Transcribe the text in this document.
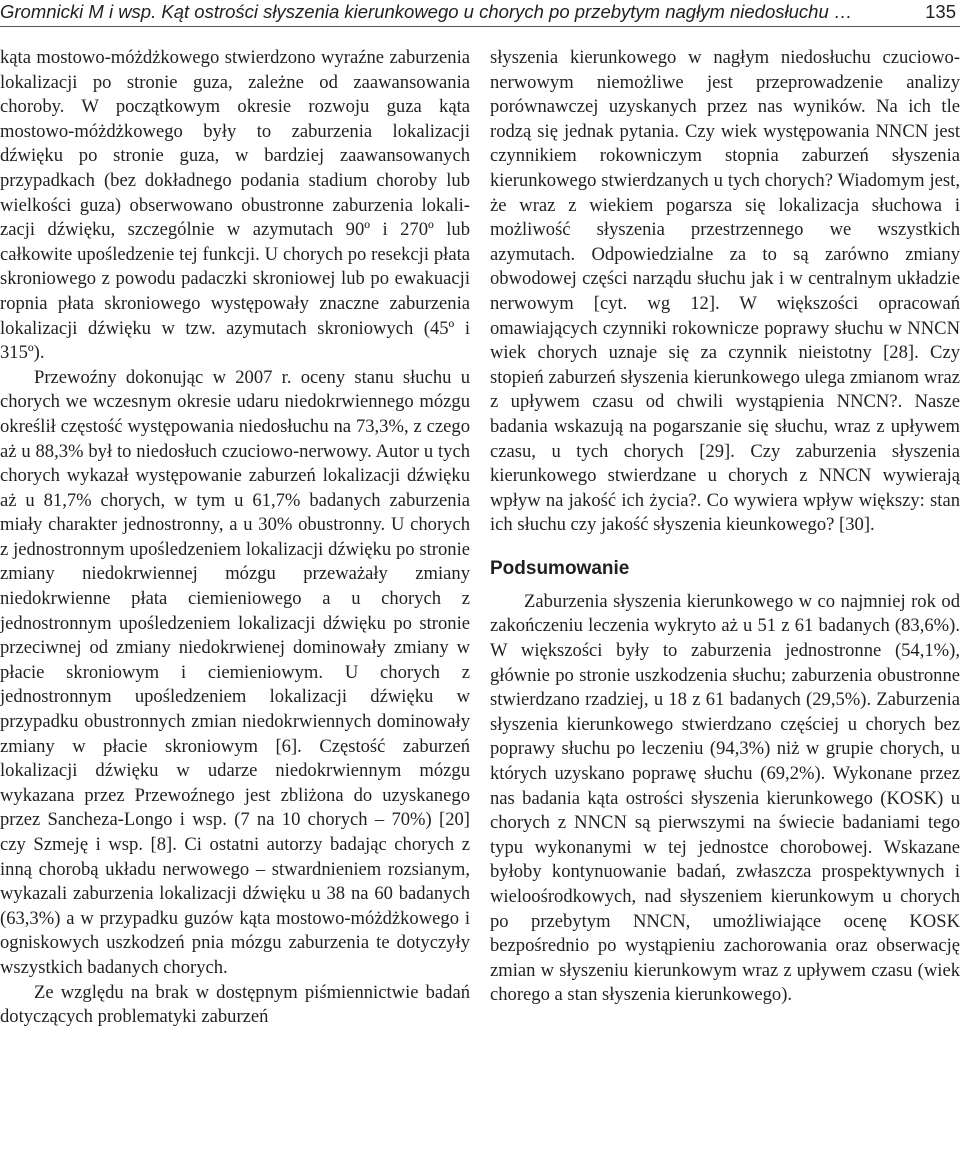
Gromnicki M i wsp. Kąt ostrości słyszenia kierunkowego u chorych po przebytym nagłym niedosłuchu …	135

kąta mostowo-móżdżkowego stwierdzono wyraźne zaburzenia lokalizacji po stronie guza, zależne od zaawansowania choroby. W początkowym okresie rozwoju guza kąta mostowo-móżdżkowego były to zaburzenia lokalizacji dźwięku po stronie guza, w bardziej zaawansowanych przypadkach (bez dokładnego podania stadium choroby lub wielkości guza) obserwowano obustronne zaburzenia lokalizacji dźwięku, szczególnie w azymutach 90º i 270º lub całkowite upośledzenie tej funkcji. U chorych po resekcji płata skroniowego z powodu padaczki skroniowej lub po ewakuacji ropnia płata skroniowego występowały znaczne zaburzenia lokalizacji dźwięku w tzw. azymutach skroniowych (45º i 315º).

Przewoźny dokonując w 2007 r. oceny stanu słuchu u chorych we wczesnym okresie udaru niedokrwiennego mózgu określił częstość występowania niedosłuchu na 73,3%, z czego aż u 88,3% był to niedosłuch czuciowo-nerwowy. Autor u tych chorych wykazał występowanie zaburzeń lokalizacji dźwięku aż u 81,7% chorych, w tym u 61,7% badanych zaburzenia miały charakter jednostronny, a u 30% obustronny. U chorych z jednostronnym upośledzeniem lokalizacji dźwięku po stronie zmiany niedokrwiennej mózgu przeważały zmiany niedokrwienne płata ciemieniowego a u chorych z jednostronnym upośledzeniem lokalizacji dźwięku po stronie przeciwnej od zmiany niedokrwienej dominowały zmiany w płacie skroniowym i ciemieniowym. U chorych z jednostronnym upośledzeniem lokalizacji dźwięku w przypadku obustronnych zmian niedokrwiennych dominowały zmiany w płacie skroniowym [6]. Częstość zaburzeń lokalizacji dźwięku w udarze niedokrwiennym mózgu wykazana przez Przewoźnego jest zbliżona do uzyskanego przez Sancheza-Longo i wsp. (7 na 10 chorych – 70%) [20] czy Szmeję i wsp. [8]. Ci ostatni autorzy badając chorych z inną chorobą układu nerwowego – stwardnieniem rozsianym, wykazali zaburzenia lokalizacji dźwięku u 38 na 60 badanych (63,3%) a w przypadku guzów kąta mostowo-móżdżkowego i ogniskowych uszkodzeń pnia mózgu zaburzenia te dotyczyły wszystkich badanych chorych.

Ze względu na brak w dostępnym piśmiennictwie badań dotyczących problematyki zaburzeń

słyszenia kierunkowego w nagłym niedosłuchu czuciowo-nerwowym niemożliwe jest przeprowadzenie analizy porównawczej uzyskanych przez nas wyników. Na ich tle rodzą się jednak pytania. Czy wiek występowania NNCN jest czynnikiem rokowniczym stopnia zaburzeń słyszenia kierunkowego stwierdzanych u tych chorych? Wiadomym jest, że wraz z wiekiem pogarsza się lokalizacja słuchowa i możliwość słyszenia przestrzennego we wszystkich azymutach. Odpowiedzialne za to są zarówno zmiany obwodowej części narządu słuchu jak i w centralnym układzie nerwowym [cyt. wg 12]. W większości opracowań omawiających czynniki rokownicze poprawy słuchu w NNCN wiek chorych uznaje się za czynnik nieistotny [28]. Czy stopień zaburzeń słyszenia kierunkowego ulega zmianom wraz z upływem czasu od chwili wystąpienia NNCN?. Nasze badania wskazują na pogarszanie się słuchu, wraz z upływem czasu, u tych chorych [29]. Czy zaburzenia słyszenia kierunkowego stwierdzane u chorych z NNCN wywierają wpływ na jakość ich życia?. Co wywiera wpływ większy: stan ich słuchu czy jakość słyszenia kieunkowego? [30].

Podsumowanie

Zaburzenia słyszenia kierunkowego w co najmniej rok od zakończeniu leczenia wykryto aż u 51 z 61 badanych (83,6%). W większości były to zaburzenia jednostronne (54,1%), głównie po stronie uszkodzenia słuchu; zaburzenia obustronne stwierdzano rzadziej, u 18 z 61 badanych (29,5%). Zaburzenia słyszenia kierunkowego stwierdzano częściej u chorych bez poprawy słuchu po leczeniu (94,3%) niż w grupie chorych, u których uzyskano poprawę słuchu (69,2%). Wykonane przez nas badania kąta ostrości słyszenia kierunkowego (KOSK) u chorych z NNCN są pierwszymi na świecie badaniami tego typu wykonanymi w tej jednostce chorobowej. Wskazane byłoby kontynuowanie badań, zwłaszcza prospektywnych i wieloośrodkowych, nad słyszeniem kierunkowym u chorych po przebytym NNCN, umożliwiające ocenę KOSK bezpośrednio po wystąpieniu zachorowania oraz obserwację zmian w słyszeniu kierunkowym wraz z upływem czasu (wiek chorego a stan słyszenia kierunkowego).
